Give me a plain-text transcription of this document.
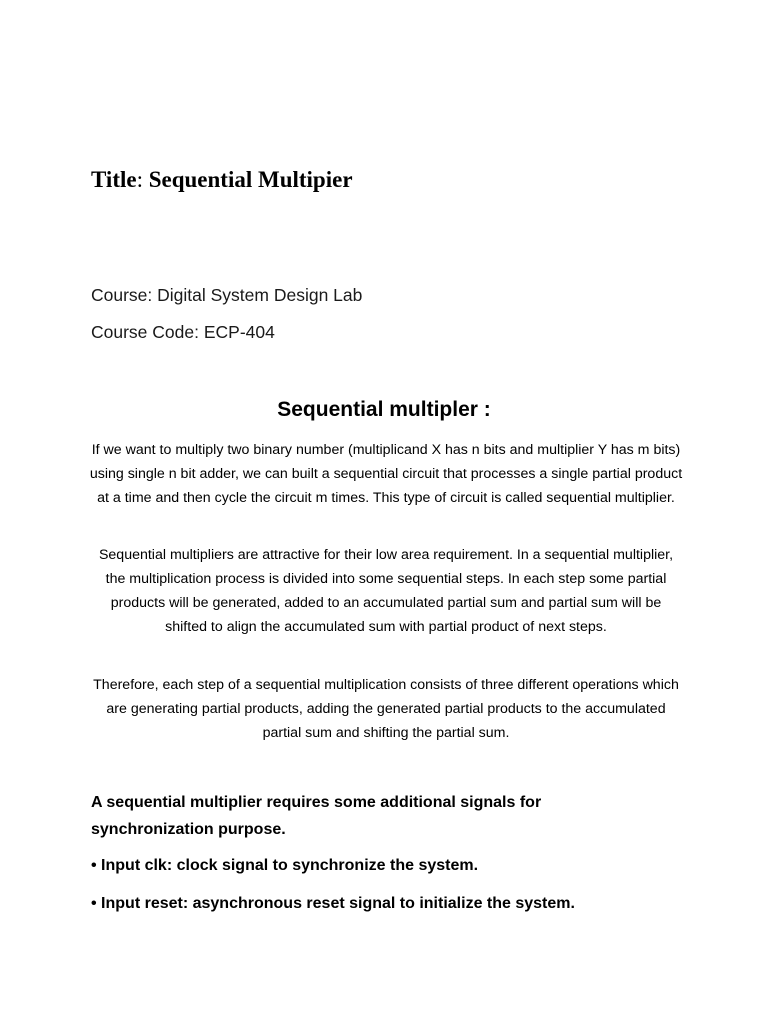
Title: Sequential Multipier
Course: Digital System Design Lab
Course Code: ECP-404
Sequential multipler :

If we want to multiply two binary number (multiplicand X has n bits and multiplier Y has m bits) using single n bit adder, we can built a sequential circuit that processes a single partial product at a time and then cycle the circuit m times. This type of circuit is called sequential multiplier.

Sequential multipliers are attractive for their low area requirement. In a sequential multiplier, the multiplication process is divided into some sequential steps. In each step some partial products will be generated, added to an accumulated partial sum and partial sum will be shifted to align the accumulated sum with partial product of next steps.

Therefore, each step of a sequential multiplication consists of three different operations which are generating partial products, adding the generated partial products to the accumulated partial sum and shifting the partial sum.

A sequential multiplier requires some additional signals for synchronization purpose.

• Input clk: clock signal to synchronize the system.
• Input reset: asynchronous reset signal to initialize the system.
